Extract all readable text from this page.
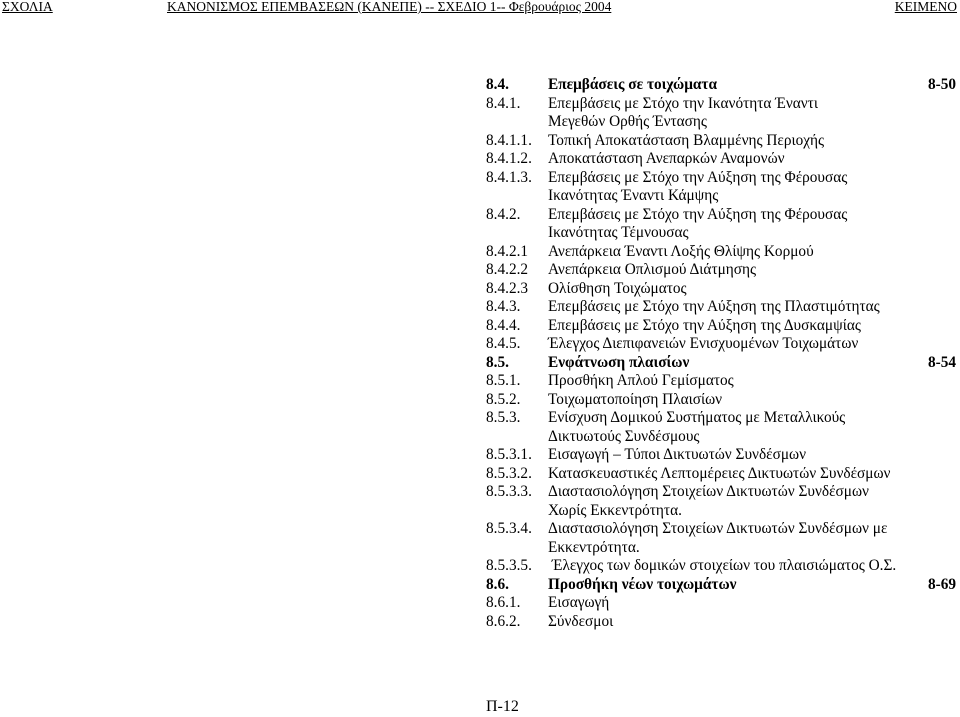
ΣΧΟΛΙΑ	ΚΑΝΟΝΙΣΜΟΣ ΕΠΕΜΒΑΣΕΩΝ (ΚΑΝΕΠΕ) -- ΣΧΕΔΙΟ 1-- Φεβρουάριος 2004	ΚΕΙΜΕΝΟ
8.4.	Επεμβάσεις σε τοιχώματα	8-50
8.4.1. Επεμβάσεις με Στόχο την Ικανότητα Έναντι
Μεγεθών Ορθής Έντασης
8.4.1.1. Τοπική Αποκατάσταση Βλαμμένης Περιοχής
8.4.1.2. Αποκατάσταση Ανεπαρκών Αναμονών
8.4.1.3. Επεμβάσεις με Στόχο την Αύξηση της Φέρουσας
Ικανότητας Έναντι Κάμψης
8.4.2. Επεμβάσεις με Στόχο την Αύξηση της Φέρουσας
Ικανότητας Τέμνουσας
8.4.2.1 Ανεπάρκεια Έναντι Λοξής Θλίψης Κορμού
8.4.2.2 Ανεπάρκεια Οπλισμού Διάτμησης
8.4.2.3 Ολίσθηση Τοιχώματος
8.4.3. Επεμβάσεις με Στόχο την Αύξηση της Πλαστιμότητας
8.4.4. Επεμβάσεις με Στόχο την Αύξηση της Δυσκαμψίας
8.4.5. Έλεγχος Διεπιφανειών Ενισχυομένων Τοιχωμάτων
8.5.	Ενφάτνωση πλαισίων	8-54
8.5.1. Προσθήκη Απλού Γεμίσματος
8.5.2. Τοιχωματοποίηση Πλαισίων
8.5.3. Ενίσχυση Δομικού Συστήματος με Μεταλλικούς
Δικτυωτούς Συνδέσμους
8.5.3.1. Εισαγωγή – Τύποι Δικτυωτών Συνδέσμων
8.5.3.2. Κατασκευαστικές Λεπτομέρειες Δικτυωτών Συνδέσμων
8.5.3.3. Διαστασιολόγηση Στοιχείων Δικτυωτών Συνδέσμων
Χωρίς Εκκεντρότητα.
8.5.3.4. Διαστασιολόγηση Στοιχείων Δικτυωτών Συνδέσμων με
Εκκεντρότητα.
8.5.3.5. Έλεγχος των δομικών στοιχείων του πλαισιώματος Ο.Σ.
8.6.	Προσθήκη νέων τοιχωμάτων	8-69
8.6.1. Εισαγωγή
8.6.2. Σύνδεσμοι
Π-12
